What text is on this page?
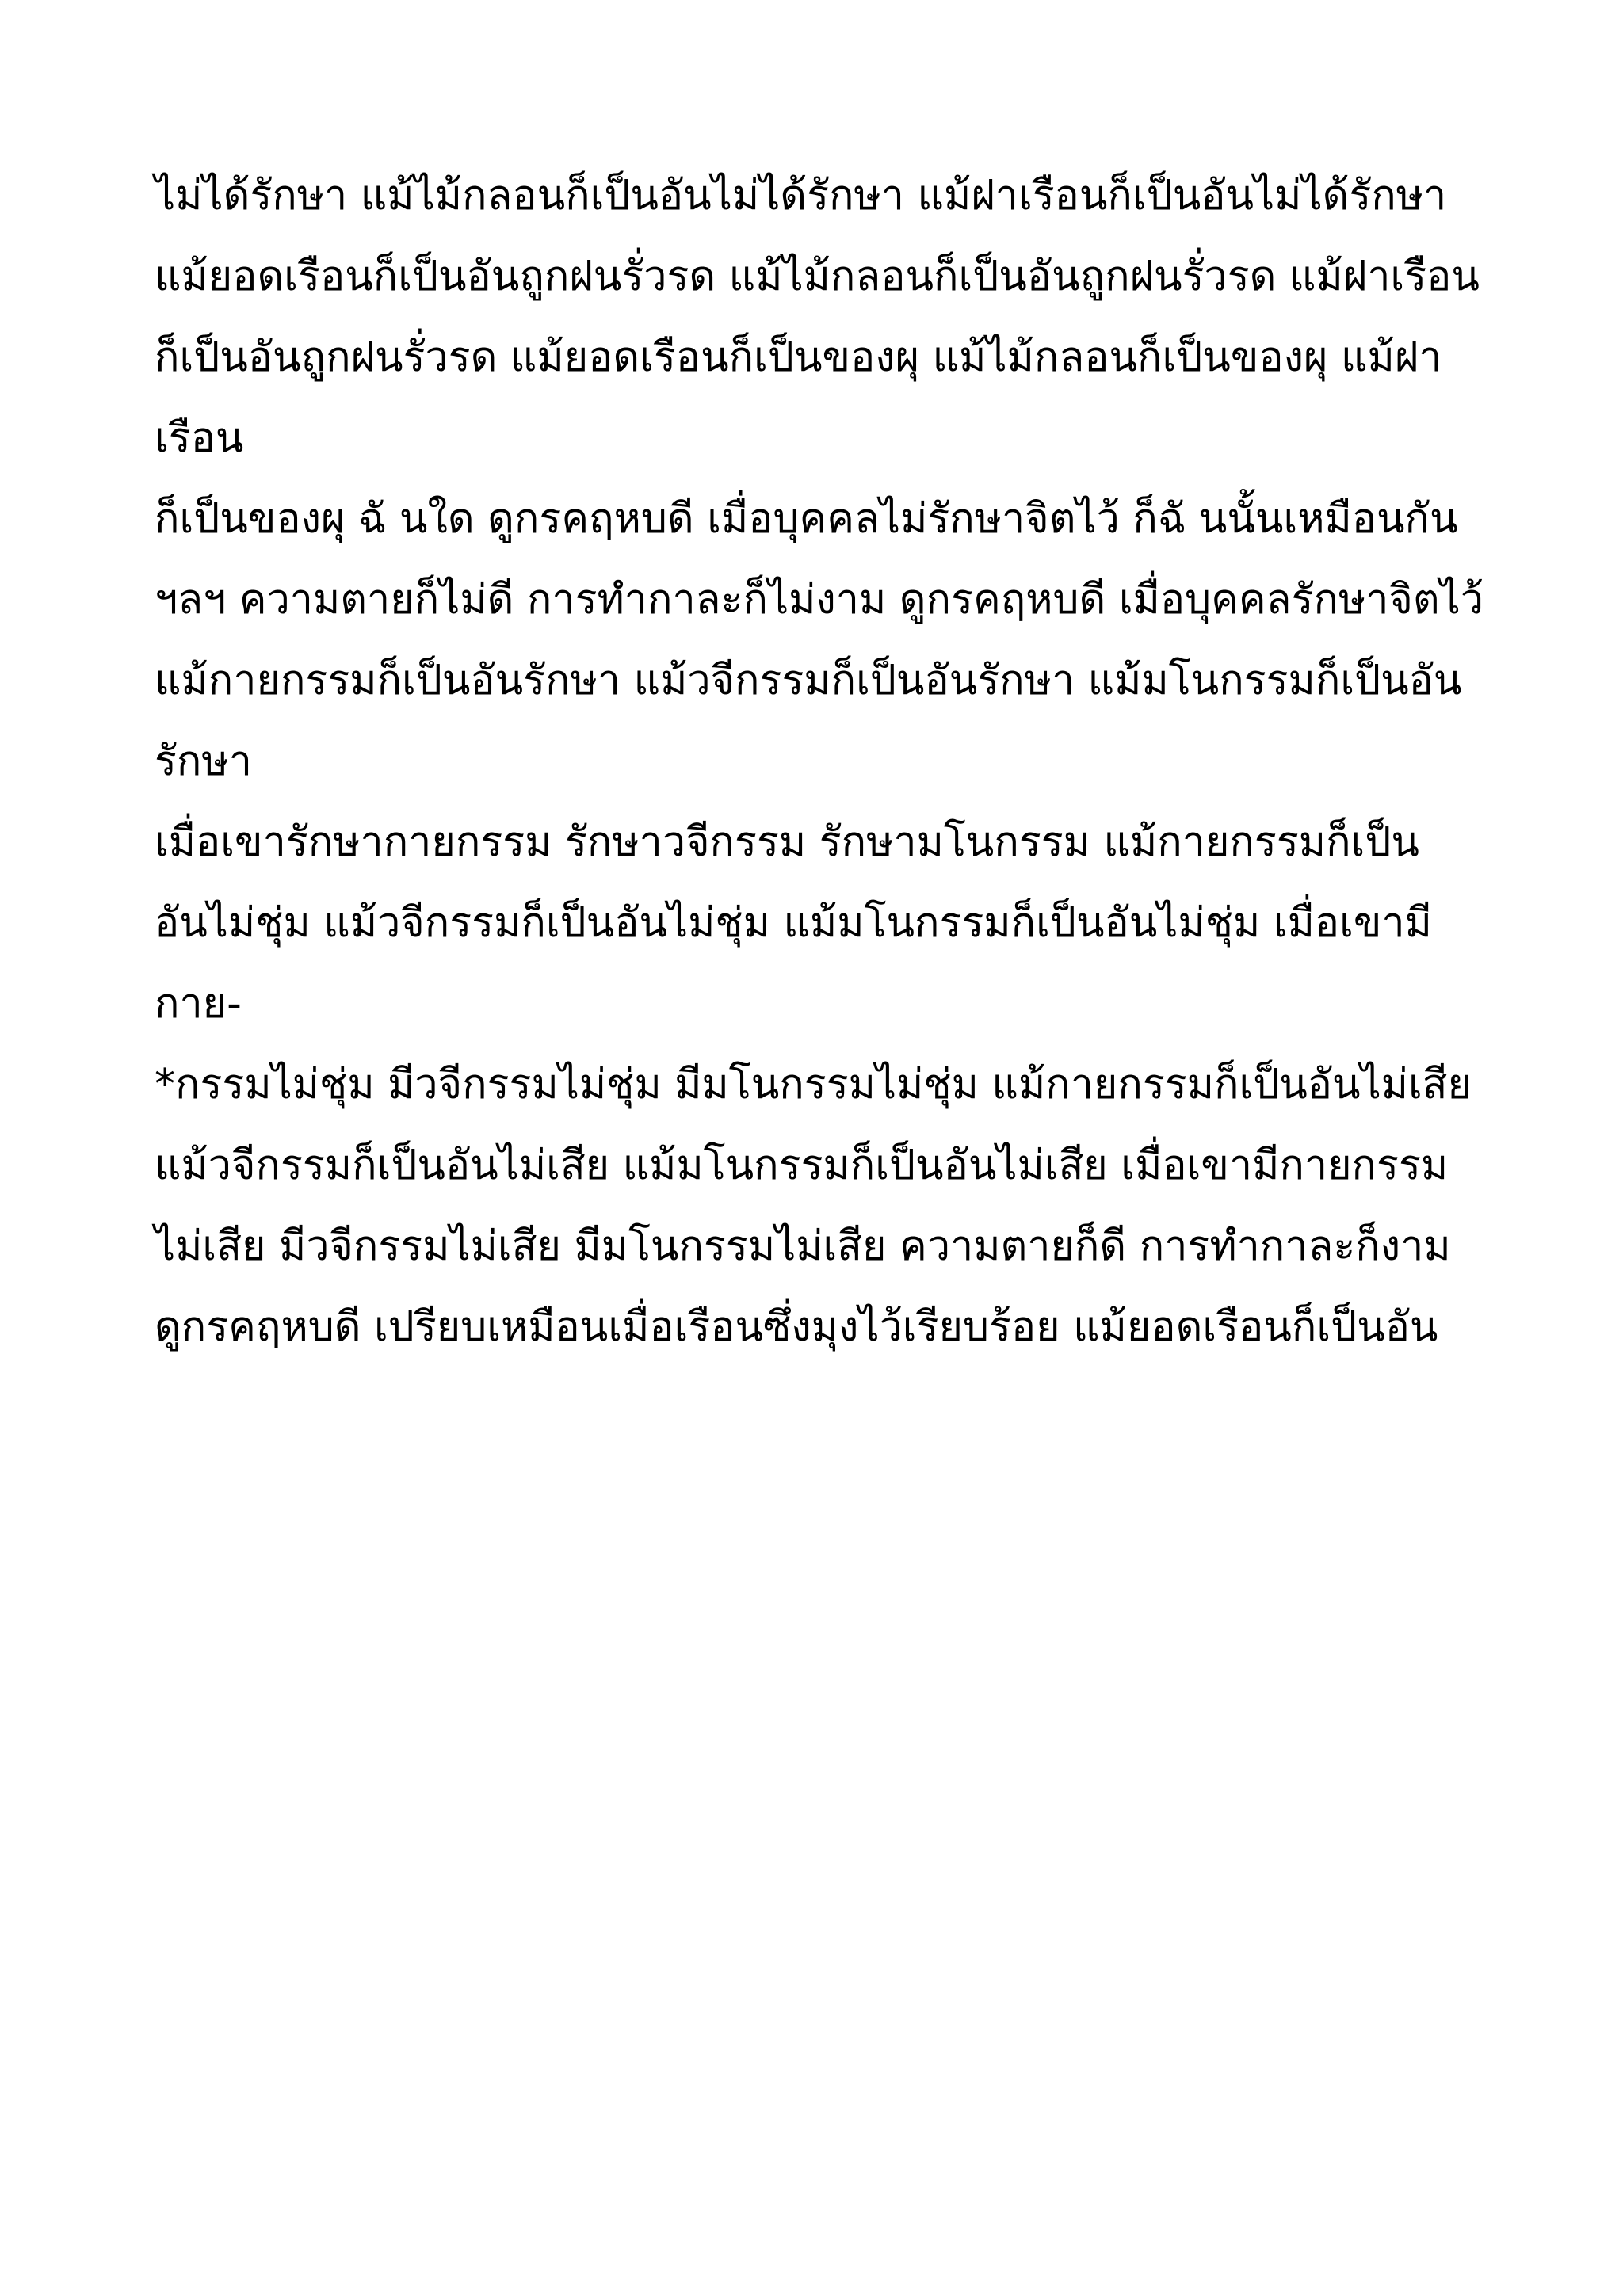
ไม่ได้รักษา แม้ไม้กลอนก็เป็นอันไม่ได้รักษา แม้ฝาเรือนก็เป็นอันไม่ได้รักษา

แม้ยอดเรือนก็เป็นอันถูกฝนรั่วรด แม้ไม้กลอนก็เป็นอันถูกฝนรั่วรด แม้ฝาเรือน

ก็เป็นอันถูกฝนรั่วรด แม้ยอดเรือนก็เป็นของผุ แม้ไม้กลอนก็เป็นของผุ แม้ฝาเรือน

ก็เป็นของผุ ฉั นใด ดูกรคฤหบดี เมื่อบุคคลไม่รักษาจิตไว้ ก็ฉั นนั้นเหมือนกัน

ฯลฯ ความตายก็ไม่ดี การทำกาละก็ไม่งาม ดูกรคฤหบดี เมื่อบุคคลรักษาจิตไว้

แม้กายกรรมก็เป็นอันรักษา แม้วจีกรรมก็เป็นอันรักษา แม้มโนกรรมก็เป็นอันรักษา

เมื่อเขารักษากายกรรม รักษาวจีกรรม รักษามโนกรรม แม้กายกรรมก็เป็น

อันไม่ชุ่ม แม้วจีกรรมก็เป็นอันไม่ชุ่ม แม้มโนกรรมก็เป็นอันไม่ชุ่ม เมื่อเขามีกาย-

*กรรมไม่ชุ่ม มีวจีกรรมไม่ชุ่ม มีมโนกรรมไม่ชุ่ม แม้กายกรรมก็เป็นอันไม่เสีย

แม้วจีกรรมก็เป็นอันไม่เสีย แม้มโนกรรมก็เป็นอันไม่เสีย เมื่อเขามีกายกรรม

ไม่เสีย มีวจีกรรมไม่เสีย มีมโนกรรมไม่เสีย ความตายก็ดี การทำกาละก็งาม

ดูกรคฤหบดี เปรียบเหมือนเมื่อเรือนซึ่งมุงไว้เรียบร้อย แม้ยอดเรือนก็เป็นอัน
